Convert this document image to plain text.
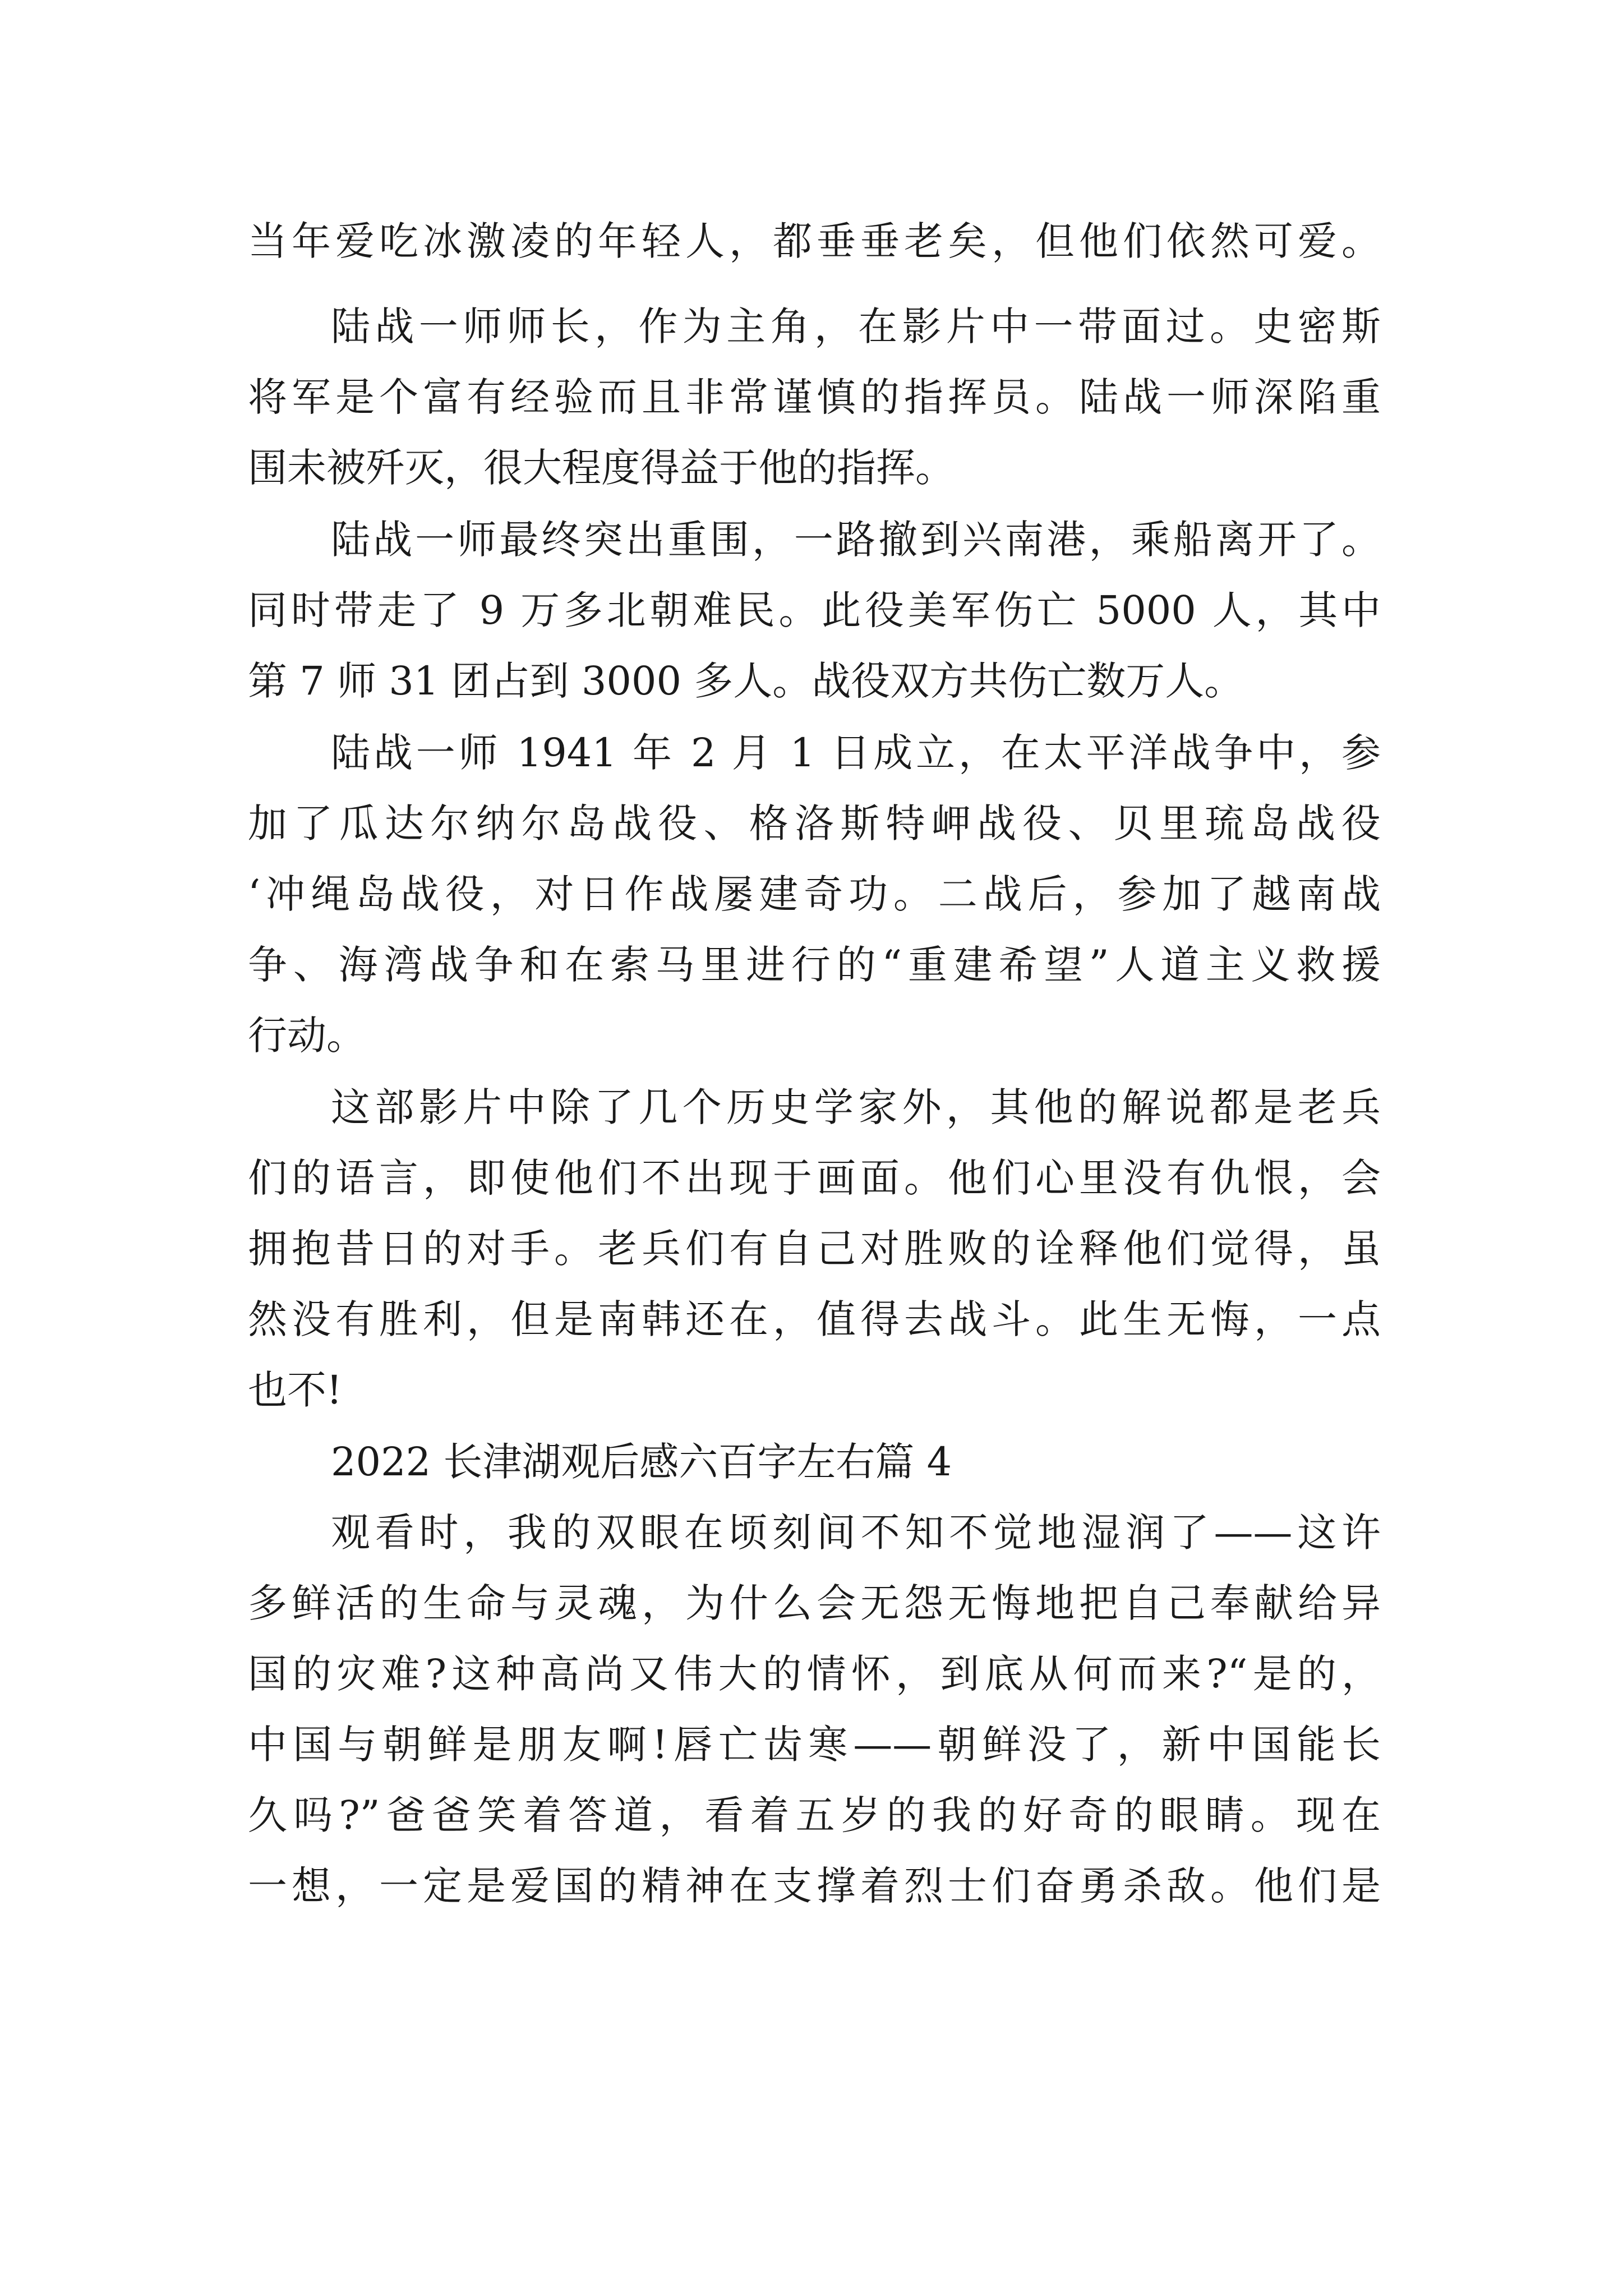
当年爱吃冰激凌的年轻人，都垂垂老矣，但他们依然可爱。
陆战一师师长，作为主角，在影片中一带面过。史密斯
将军是个富有经验而且非常谨慎的指挥员。陆战一师深陷重
围未被歼灭，很大程度得益于他的指挥。
陆战一师最终突出重围，一路撤到兴南港，乘船离开了。
同时带走了 9 万多北朝难民。此役美军伤亡 5000 人，其中
第 7 师 31 团占到 3000 多人。战役双方共伤亡数万人。
陆战一师 1941 年 2 月 1 日成立，在太平洋战争中，参
加了瓜达尔纳尔岛战役、格洛斯特岬战役、贝里琉岛战役
‘冲绳岛战役，对日作战屡建奇功。二战后，参加了越南战
争、海湾战争和在索马里进行的“重建希望”人道主义救援
行动。
这部影片中除了几个历史学家外，其他的解说都是老兵
们的语言，即使他们不出现于画面。他们心里没有仇恨，会
拥抱昔日的对手。老兵们有自己对胜败的诠释他们觉得，虽
然没有胜利，但是南韩还在，值得去战斗。此生无悔，一点
也不!
2022 长津湖观后感六百字左右篇 4
观看时，我的双眼在顷刻间不知不觉地湿润了——这许
多鲜活的生命与灵魂，为什么会无怨无悔地把自己奉献给异
国的灾难?这种高尚又伟大的情怀，到底从何而来?“是的，
中国与朝鲜是朋友啊!唇亡齿寒——朝鲜没了，新中国能长
久吗?”爸爸笑着答道，看着五岁的我的好奇的眼睛。现在
一想，一定是爱国的精神在支撑着烈士们奋勇杀敌。他们是
